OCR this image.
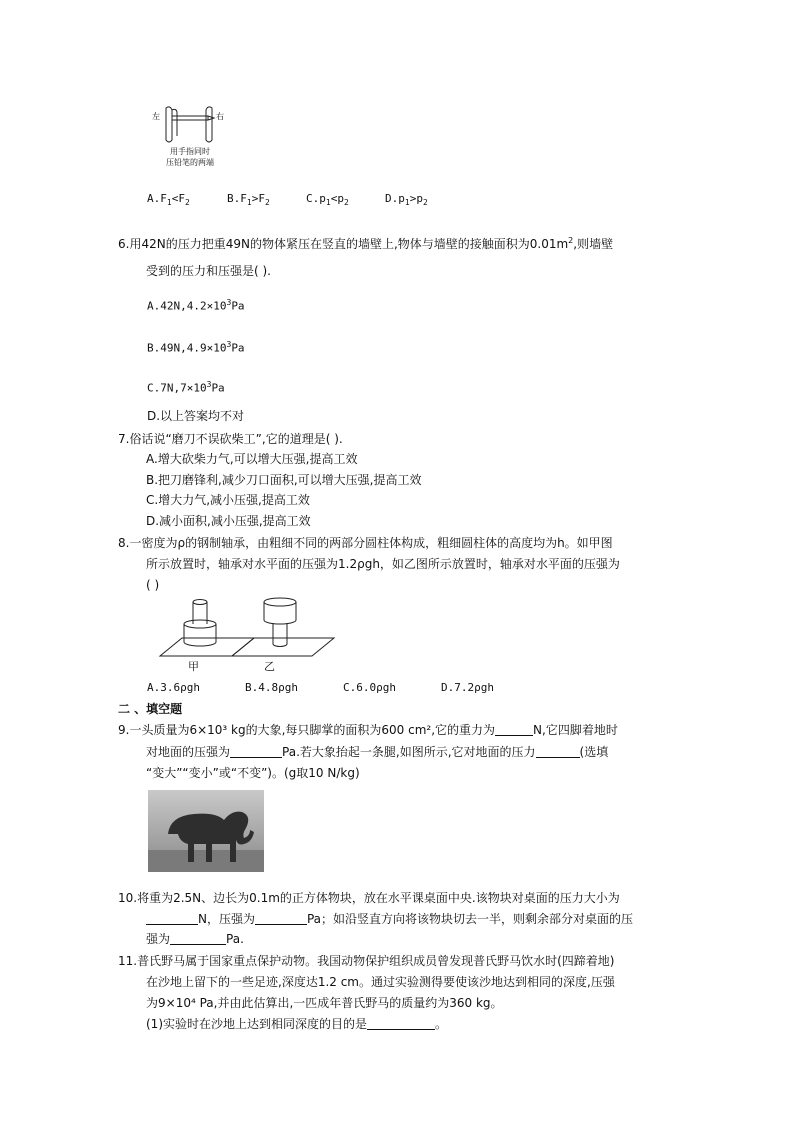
左	右
用手指同时
压铅笔的两端
$A.F_1<F_2$	$B.F_1>F_2$	$C.p_1<p_2$	$D.p_1>p_2$
6.用42N的压力把重49N的物体紧压在竖直的墙壁上,物体与墙壁的接触面积为$0.01m^2$,则墙壁
受到的压力和压强是( ).
$A.42N,4.2\times 10^3Pa$
$B.49N,4.9\times 10^3Pa$
$C.7N,7\times 10^3Pa$
D.以上答案均不对
7.俗话说“磨刀不误砍柴工”,它的道理是( ).
A.增大砍柴力气,可以增大压强,提高工效
B.把刀磨锋利,减少刀口面积,可以增大压强,提高工效
C.增大力气,减小压强,提高工效
D.减小面积,减小压强,提高工效
8.一密度为ρ的钢制轴承，由粗细不同的两部分圆柱体构成，粗细圆柱体的高度均为h。如甲图
所示放置时，轴承对水平面的压强为1.2ρgh，如乙图所示放置时，轴承对水平面的压强为
( )
甲	乙
A.3.6ρgh	B.4.8ρgh	C.6.0ρgh	D.7.2ρgh
二 、填空题
9.一头质量为6×10³ kg的大象,每只脚掌的面积为600 cm²,它的重力为	N,它四脚着地时
对地面的压强为	Pa.若大象抬起一条腿,如图所示,它对地面的压力	(选填
“变大”“变小”或“不变”)。(g取10 N/kg)
10.将重为2.5N、边长为0.1m的正方体物块，放在水平课桌面中央.该物块对桌面的压力大小为
N，压强为	Pa；如沿竖直方向将该物块切去一半，则剩余部分对桌面的压
强为	Pa.
11.普氏野马属于国家重点保护动物。我国动物保护组织成员曾发现普氏野马饮水时(四蹄着地)
在沙地上留下的一些足迹,深度达1.2 cm。通过实验测得要使该沙地达到相同的深度,压强
为9×10⁴ Pa,并由此估算出,一匹成年普氏野马的质量约为360 kg。
(1)实验时在沙地上达到相同深度的目的是	。
